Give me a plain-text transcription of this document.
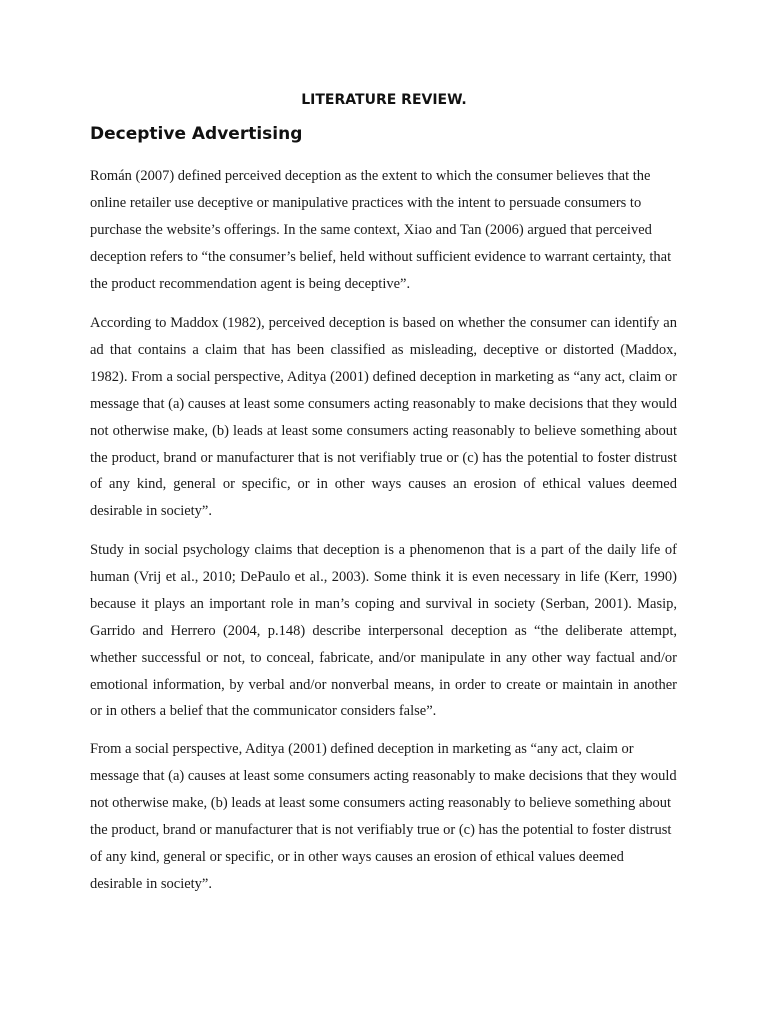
LITERATURE REVIEW.
Deceptive Advertising

Román (2007) defined perceived deception as the extent to which the consumer believes that the online retailer use deceptive or manipulative practices with the intent to persuade consumers to purchase the website’s offerings. In the same context, Xiao and Tan (2006) argued that perceived deception refers to “the consumer’s belief, held without sufficient evidence to warrant certainty, that the product recommendation agent is being deceptive”.

According to Maddox (1982), perceived deception is based on whether the consumer can identify an ad that contains a claim that has been classified as misleading, deceptive or distorted (Maddox, 1982). From a social perspective, Aditya (2001) defined deception in marketing as “any act, claim or message that (a) causes at least some consumers acting reasonably to make decisions that they would not otherwise make, (b) leads at least some consumers acting reasonably to believe something about the product, brand or manufacturer that is not verifiably true or (c) has the potential to foster distrust of any kind, general or specific, or in other ways causes an erosion of ethical values deemed desirable in society”.

Study in social psychology claims that deception is a phenomenon that is a part of the daily life of human (Vrij et al., 2010; DePaulo et al., 2003). Some think it is even necessary in life (Kerr, 1990) because it plays an important role in man’s coping and survival in society (Serban, 2001). Masip, Garrido and Herrero (2004, p.148) describe interpersonal deception as “the deliberate attempt, whether successful or not, to conceal, fabricate, and/or manipulate in any other way factual and/or emotional information, by verbal and/or nonverbal means, in order to create or maintain in another or in others a belief that the communicator considers false”.

From a social perspective, Aditya (2001) defined deception in marketing as “any act, claim or message that (a) causes at least some consumers acting reasonably to make decisions that they would not otherwise make, (b) leads at least some consumers acting reasonably to believe something about the product, brand or manufacturer that is not verifiably true or (c) has the potential to foster distrust of any kind, general or specific, or in other ways causes an erosion of ethical values deemed desirable in society”.
